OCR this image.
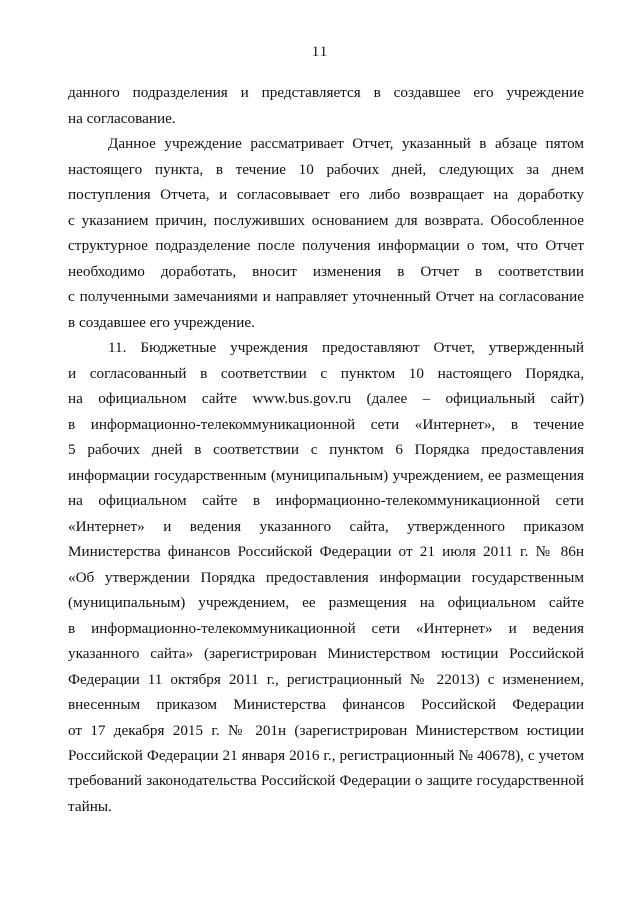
11
данного подразделения и представляется в создавшее его учреждение
на согласование.
Данное учреждение рассматривает Отчет, указанный в абзаце пятом
настоящего пункта, в течение 10 рабочих дней, следующих за днем
поступления Отчета, и согласовывает его либо возвращает на доработку
с указанием причин, послуживших основанием для возврата. Обособленное
структурное подразделение после получения информации о том, что Отчет
необходимо доработать, вносит изменения в Отчет в соответствии
с полученными замечаниями и направляет уточненный Отчет на согласование
в создавшее его учреждение.
11. Бюджетные учреждения предоставляют Отчет, утвержденный
и согласованный в соответствии с пунктом 10 настоящего Порядка,
на официальном сайте www.bus.gov.ru (далее – официальный сайт)
в информационно-телекоммуникационной сети «Интернет», в течение
5 рабочих дней в соответствии с пунктом 6 Порядка предоставления
информации государственным (муниципальным) учреждением, ее размещения
на официальном сайте в информационно-телекоммуникационной сети
«Интернет» и ведения указанного сайта, утвержденного приказом
Министерства финансов Российской Федерации от 21 июля 2011 г. № 86н
«Об утверждении Порядка предоставления информации государственным
(муниципальным) учреждением, ее размещения на официальном сайте
в информационно-телекоммуникационной сети «Интернет» и ведения
указанного сайта» (зарегистрирован Министерством юстиции Российской
Федерации 11 октября 2011 г., регистрационный № 22013) с изменением,
внесенным приказом Министерства финансов Российской Федерации
от 17 декабря 2015 г. № 201н (зарегистрирован Министерством юстиции
Российской Федерации 21 января 2016 г., регистрационный № 40678), с учетом
требований законодательства Российской Федерации о защите государственной
тайны.
